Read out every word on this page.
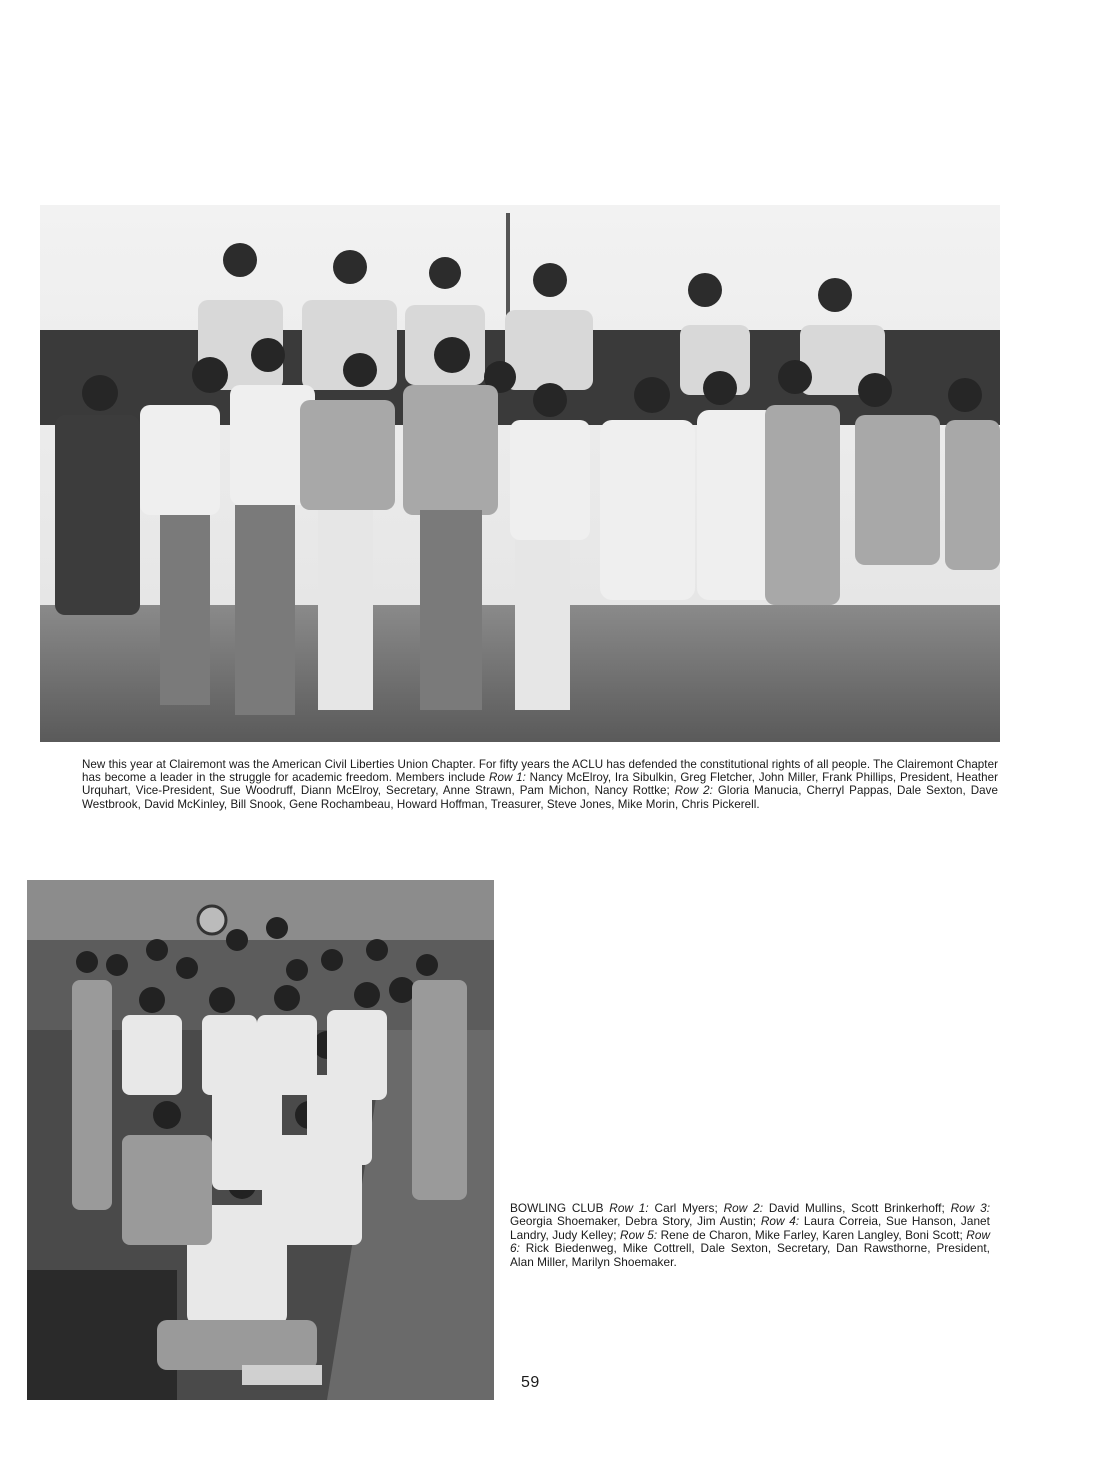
New this year at Clairemont was the American Civil Liberties Union Chapter. For fifty years the ACLU has defended the constitutional rights of all people. The Clairemont Chapter has become a leader in the struggle for academic freedom. Members include Row 1: Nancy McElroy, Ira Sibulkin, Greg Fletcher, John Miller, Frank Phillips, President, Heather Urquhart, Vice-President, Sue Woodruff, Diann McElroy, Secretary, Anne Strawn, Pam Michon, Nancy Rottke; Row 2: Gloria Manucia, Cherryl Pappas, Dale Sexton, Dave Westbrook, David McKinley, Bill Snook, Gene Rochambeau, Howard Hoffman, Treasurer, Steve Jones, Mike Morin, Chris Pickerell.
BOWLING CLUB Row 1: Carl Myers; Row 2: David Mullins, Scott Brinkerhoff; Row 3: Georgia Shoemaker, Debra Story, Jim Austin; Row 4: Laura Correia, Sue Hanson, Janet Landry, Judy Kelley; Row 5: Rene de Charon, Mike Farley, Karen Langley, Boni Scott; Row 6: Rick Biedenweg, Mike Cottrell, Dale Sexton, Secretary, Dan Rawsthorne, President, Alan Miller, Marilyn Shoemaker.
59
